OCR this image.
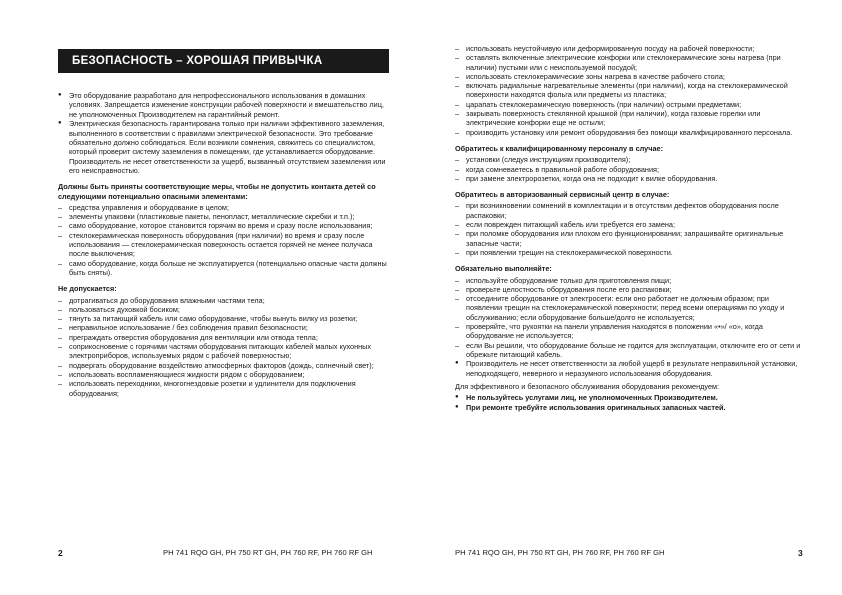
БЕЗОПАСНОСТЬ – ХОРОШАЯ ПРИВЫЧКА
● Это оборудование разработано для непрофессионального использования в домашних условиях. Запрещается изменение конструкции рабочей поверхности и вмешательство лиц, не уполномоченных Производителем на гарантийный ремонт.
● Электрическая безопасность гарантирована только при наличии эффективного заземления, выполненного в соответствии с правилами электрической безопасности. Это требование обязательно должно соблюдаться. Если возникли сомнения, свяжитесь со специалистом, который проверит систему заземления в помещении, где устанавливается оборудование. Производитель не несет ответственности за ущерб, вызванный отсутствием заземления или его неисправностью.
Должны быть приняты соответствующие меры, чтобы не допустить контакта детей со следующими потенциально опасными элементами:
– средства управления и оборудование в целом;
– элементы упаковки (пластиковые пакеты, пенопласт, металлические скребки и т.п.);
– само оборудование, которое становится горячим во время и сразу после использования;
– стеклокерамическая поверхность оборудования (при наличии) во время и сразу после использования — стеклокерамическая поверхность остается горячей не менее получаса после выключения;
– само оборудование, когда больше не эксплуатируется (потенциально опасные части должны быть сняты).
Не допускается:
– дотрагиваться до оборудования влажными частями тела;
– пользоваться духовкой босиком;
– тянуть за питающий кабель или само оборудование, чтобы вынуть вилку из розетки;
– неправильное использование / без соблюдения правил безопасности;
– преграждать отверстия оборудования для вентиляции или отвода тепла;
– соприкосновение с горячими частями оборудования питающих кабелей малых кухонных электроприборов, используемых рядом с рабочей поверхностью;
– подвергать оборудование воздействию атмосферных факторов (дождь, солнечный свет);
– использовать воспламеняющиеся жидкости рядом с оборудованием;
– использовать переходники, многогнездовые розетки и удлинители для подключения оборудования;
2	PH 741 RQO GH, PH 750 RT GH, PH 760 RF, PH 760 RF GH
– использовать неустойчивую или деформированную посуду на рабочей поверхности;
– оставлять включенные электрические конфорки или стеклокерамические зоны нагрева (при наличии) пустыми или с неиспользуемой посудой;
– использовать стеклокерамические зоны нагрева в качестве рабочего стола;
– включать радиальные нагревательные элементы (при наличии), когда на стеклокерамической поверхности находятся фольга или предметы из пластика;
– царапать стеклокерамическую поверхность (при наличии) острыми предметами;
– закрывать поверхность стеклянной крышкой (при наличии), когда газовые горелки или электрические конфорки еще не остыли;
– производить установку или ремонт оборудования без помощи квалифицированного персонала.
Обратитесь к квалифицированному персоналу в случае:
– установки (следуя инструкциям производителя);
– когда сомневаетесь в правильной работе оборудования;
– при замене электророзетки, когда она не подходит к вилке оборудования.
Обратитесь в авторизованный сервисный центр в случае:
– при возникновении сомнений в комплектации и в отсутствии дефектов оборудования после распаковки;
– если поврежден питающий кабель или требуется его замена;
– при поломке оборудования или плохом его функционировании; запрашивайте оригинальные запасные части;
– при появлении трещин на стеклокерамической поверхности.
Обязательно выполняйте:
– используйте оборудование только для приготовления пищи;
– проверьте целостность оборудования после его распаковки;
– отсоедините оборудование от электросети: если оно работает не должным образом; при появлении трещин на стеклокерамической поверхности; перед всеми операциями по уходу и обслуживанию; если оборудование больше/долго не используется;
– проверяйте, что рукоятки на панели управления находятся в положении «•»/ «o», когда оборудование не используется;
– если Вы решили, что оборудование больше не годится для эксплуатации, отключите его от сети и обрежьте питающий кабель.
● Производитель не несет ответственности за любой ущерб в результате неправильной установки, неподходящего, неверного и неразумного использования оборудования.
Для эффективного и безопасного обслуживания оборудования рекомендуем:
● Не пользуйтесь услугами лиц, не уполномоченных Производителем.
● При ремонте требуйте использования оригинальных запасных частей.
PH 741 RQO GH, PH 750 RT GH, PH 760 RF, PH 760 RF GH	3
